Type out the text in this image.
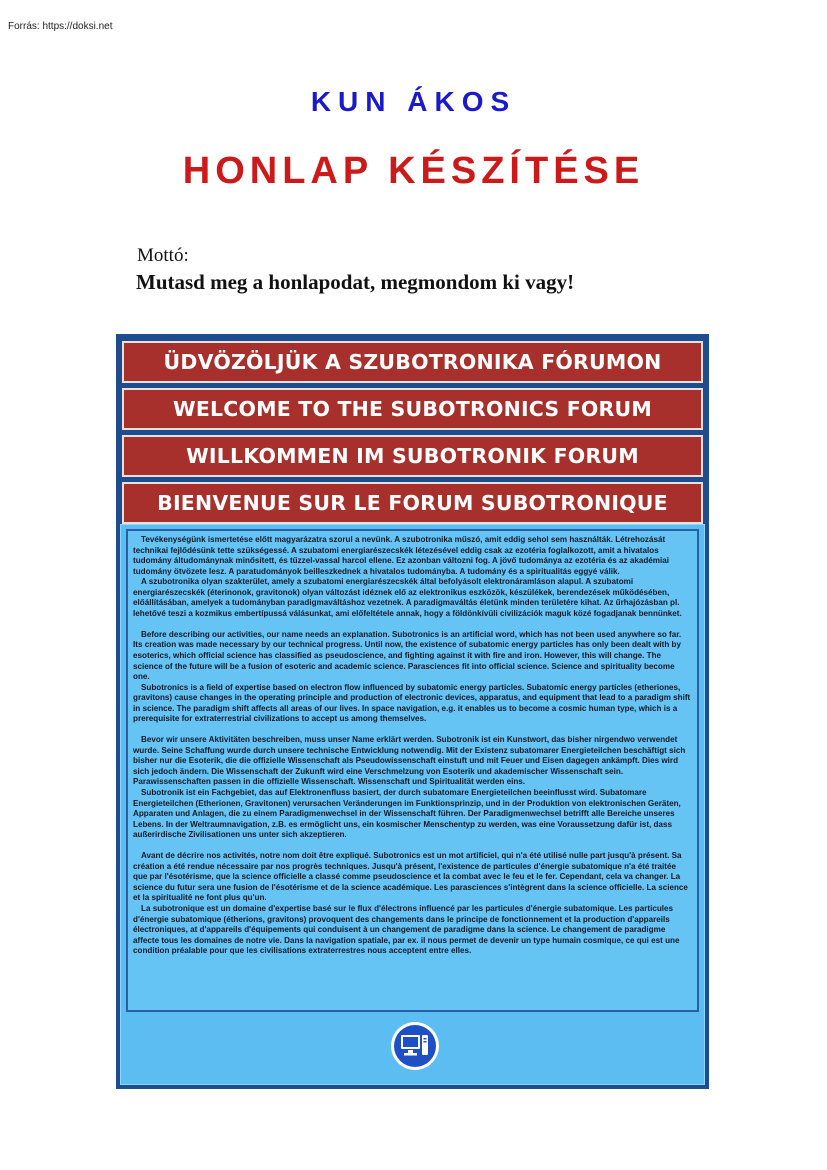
Forrás: https://doksi.net
KUN ÁKOS
HONLAP KÉSZÍTÉSE
Mottó:
Mutasd meg a honlapodat, megmondom ki vagy!
ÜDVÖZÖLJÜK A SZUBOTRONIKA FÓRUMON
WELCOME TO THE SUBOTRONICS FORUM
WILLKOMMEN IM SUBOTRONIK FORUM
BIENVENUE SUR LE FORUM SUBOTRONIQUE

Tevékenységünk ismertetése előtt magyarázatra szorul a nevünk. A szubotronika műszó, amit eddig sehol sem használták. Létrehozását technikai fejlődésünk tette szükségessé. A szubatomi energiarészecskék létezésével eddig csak az ezotéria foglalkozott, amit a hivatalos tudomány áltudománynak minősített, és tűzzel-vassal harcol ellene. Ez azonban változni fog. A jövő tudománya az ezotéria és az akadémiai tudomány ötvözete lesz. A paratudományok beilleszkednek a hivatalos tudományba. A tudomány és a spiritualitás eggyé válik.

A szubotronika olyan szakterület, amely a szubatomi energiarészecskék által befolyásolt elektronáramláson alapul. A szubatomi energiarészecskék (éterinonok, gravitonok) olyan változást idéznek elő az elektronikus eszközök, készülékek, berendezések működésében, előállításában, amelyek a tudományban paradigmaváltáshoz vezetnek. A paradigmaváltás életünk minden területére kihat. Az űrhajózásban pl. lehetővé teszi a kozmikus embertípussá válásunkat, ami előfeltétele annak, hogy a földönkívüli civilizációk maguk közé fogadjanak bennünket.

Before describing our activities, our name needs an explanation. Subotronics is an artificial word, which has not been used anywhere so far. Its creation was made necessary by our technical progress. Until now, the existence of subatomic energy particles has only been dealt with by esoterics, which official science has classified as pseudoscience, and fighting against it with fire and iron. However, this will change. The science of the future will be a fusion of esoteric and academic science. Parasciences fit into official science. Science and spirituality become one.

Subotronics is a field of expertise based on electron flow influenced by subatomic energy particles. Subatomic energy particles (etheriones, gravitons) cause changes in the operating principle and production of electronic devices, apparatus, and equipment that lead to a paradigm shift in science. The paradigm shift affects all areas of our lives. In space navigation, e.g. it enables us to become a cosmic human type, which is a prerequisite for extraterrestrial civilizations to accept us among themselves.

Bevor wir unsere Aktivitäten beschreiben, muss unser Name erklärt werden. Subotronik ist ein Kunstwort, das bisher nirgendwo verwendet wurde. Seine Schaffung wurde durch unsere technische Entwicklung notwendig. Mit der Existenz subatomarer Energieteilchen beschäftigt sich bisher nur die Esoterik, die die offizielle Wissenschaft als Pseudowissenschaft einstuft und mit Feuer und Eisen dagegen ankämpft. Dies wird sich jedoch ändern. Die Wissenschaft der Zukunft wird eine Verschmelzung von Esoterik und akademischer Wissenschaft sein. Parawissenschaften passen in die offizielle Wissenschaft. Wissenschaft und Spiritualität werden eins.

Subotronik ist ein Fachgebiet, das auf Elektronenfluss basiert, der durch subatomare Energieteilchen beeinflusst wird. Subatomare Energieteilchen (Etherionen, Gravitonen) verursachen Veränderungen im Funktionsprinzip, und in der Produktion von elektronischen Geräten, Apparaten und Anlagen, die zu einem Paradigmenwechsel in der Wissenschaft führen. Der Paradigmenwechsel betrifft alle Bereiche unseres Lebens. In der Weltraumnavigation, z.B. es ermöglicht uns, ein kosmischer Menschentyp zu werden, was eine Voraussetzung dafür ist, dass außerirdische Zivilisationen uns unter sich akzeptieren.

Avant de décrire nos activités, notre nom doit être expliqué. Subotronics est un mot artificiel, qui n'a été utilisé nulle part jusqu'à présent. Sa création a été rendue nécessaire par nos progrès techniques. Jusqu'à présent, l'existence de particules d'énergie subatomique n'a été traitée que par l'ésotérisme, que la science officielle a classé comme pseudoscience et la combat avec le feu et le fer. Cependant, cela va changer. La science du futur sera une fusion de l'ésotérisme et de la science académique. Les parasciences s'intègrent dans la science officielle. La science et la spiritualité ne font plus qu'un.

La subotronique est un domaine d'expertise basé sur le flux d'électrons influencé par les particules d'énergie subatomique. Les particules d'énergie subatomique (étherions, gravitons) provoquent des changements dans le principe de fonctionnement et la production d'appareils électroniques, at d'appareils d'équipements qui conduisent à un changement de paradigme dans la science. Le changement de paradigme affecte tous les domaines de notre vie. Dans la navigation spatiale, par ex. il nous permet de devenir un type humain cosmique, ce qui est une condition préalable pour que les civilisations extraterrestres nous acceptent entre elles.
